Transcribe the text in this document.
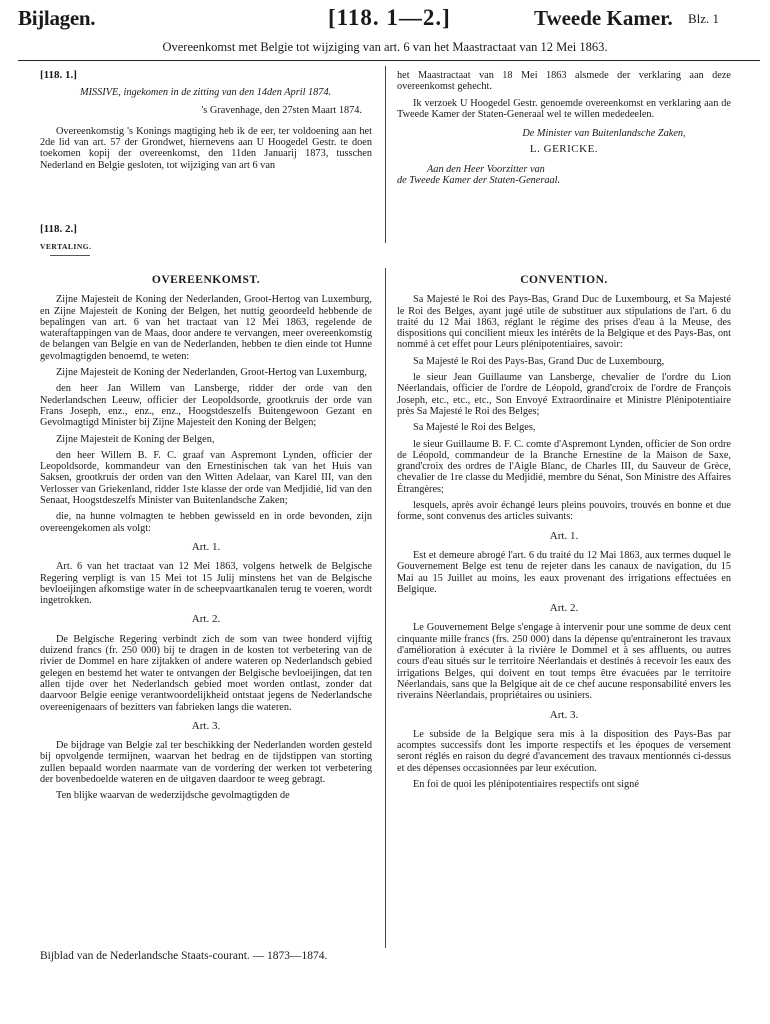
Bijlagen.	[118. 1—2.]	Tweede Kamer. Blz. 1
Overeenkomst met Belgie tot wijziging van art. 6 van het Maastractaat van 12 Mei 1863.
[118. 1.]

MISSIVE, ingekomen in de zitting van den 14den April 1874.

's Gravenhage, den 27sten Maart 1874.

Overeenkomstig 's Konings magtiging heb ik de eer, ter voldoening aan het 2de lid van art. 57 der Grondwet, hiernevens aan U Hoogedel Gestr. te doen toekomen kopij der overeenkomst, den 11den Januarij 1873, tusschen Nederland en Belgie gesloten, tot wijziging van art 6 van

[118. 2.]
VERTALING.

het Maastractaat van 18 Mei 1863 alsmede der verklaring aan deze overeenkomst gehecht.

Ik verzoek U Hoogedel Gestr. genoemde overeenkomst en verklaring aan de Tweede Kamer der Staten-Generaal wel te willen mededeelen.

De Minister van Buitenlandsche Zaken,

L. GERICKE.

Aan den Heer Voorzitter van

de Tweede Kamer der Staten-Generaal.

OVEREENKOMST.

Zijne Majesteit de Koning der Nederlanden, Groot-Hertog van Luxemburg, en Zijne Majesteit de Koning der Belgen, het nuttig geoordeeld hebbende de bepalingen van art. 6 van het tractaat van 12 Mei 1863, regelende de wateraftappingen van de Maas, door andere te vervangen, meer overeenkomstig de belangen van Belgie en van de Nederlanden, hebben te dien einde tot Hunne gevolmagtigden benoemd, te weten:

Zijne Majesteit de Koning der Nederlanden, Groot-Hertog van Luxemburg,

den heer Jan Willem van Lansberge, ridder der orde van den Nederlandschen Leeuw, officier der Leopoldsorde, grootkruis der orde van Frans Joseph, enz., enz., enz., Hoogstdeszelfs Buitengewoon Gezant en Gevolmagtigd Minister bij Zijne Majesteit den Koning der Belgen;

Zijne Majesteit de Koning der Belgen,

den heer Willem B. F. C. graaf van Aspremont Lynden, officier der Leopoldsorde, kommandeur van den Ernestinischen tak van het Huis van Saksen, grootkruis der orden van den Witten Adelaar, van Karel III, van den Verlosser van Griekenland, ridder 1ste klasse der orde van Medjidié, lid van den Senaat, Hoogstdeszelfs Minister van Buitenlandsche Zaken;

die, na hunne volmagten te hebben gewisseld en in orde bevonden, zijn overeengekomen als volgt:

Art. 1.

Art. 6 van het tractaat van 12 Mei 1863, volgens hetwelk de Belgische Regering verpligt is van 15 Mei tot 15 Julij minstens het van de Belgische bevloeijingen afkomstige water in de scheepvaartkanalen terug te voeren, wordt ingetrokken.

Art. 2.

De Belgische Regering verbindt zich de som van twee honderd vijftig duizend francs (fr. 250 000) bij te dragen in de kosten tot verbetering van de rivier de Dommel en hare zijtakken of andere wateren op Nederlandsch gebied gelegen en bestemd het water te ontvangen der Belgische bevloeijingen, dat ten allen tijde over het Nederlandsch gebied moet worden ontlast, zonder dat daarvoor Belgie eenige verantwoordelijkheid ontstaat jegens de Nederlandsche overeenigenaars of bezitters van fabrieken langs die wateren.

Art. 3.

De bijdrage van Belgie zal ter beschikking der Nederlanden worden gesteld bij opvolgende termijnen, waarvan het bedrag en de tijdstippen van storting zullen bepaald worden naarmate van de vordering der werken tot verbetering der bovenbedoelde wateren en de uitgaven daardoor te weeg gebragt.

Ten blijke waarvan de wederzijdsche gevolmagtigden de

CONVENTION.

Sa Majesté le Roi des Pays-Bas, Grand Duc de Luxembourg, et Sa Majesté le Roi des Belges, ayant jugé utile de substituer aux stipulations de l'art. 6 du traité du 12 Mai 1863, réglant le régime des prises d'eau à la Meuse, des dispositions qui concilient mieux les intérêts de la Belgique et des Pays-Bas, ont nommé à cet effet pour Leurs plénipotentiaires, savoir:

Sa Majesté le Roi des Pays-Bas, Grand Duc de Luxembourg,

le sieur Jean Guillaume van Lansberge, chevalier de l'ordre du Lion Néerlandais, officier de l'ordre de Léopold, grand'croix de l'ordre de François Joseph, etc., etc., etc., Son Envoyé Extraordinaire et Ministre Plénipotentiaire près Sa Majesté le Roi des Belges;

Sa Majesté le Roi des Belges,

le sieur Guillaume B. F. C. comte d'Aspremont Lynden, officier de Son ordre de Léopold, commandeur de la Branche Ernestine de la Maison de Saxe, grand'croix des ordres de l'Aigle Blanc, de Charles III, du Sauveur de Grèce, chevalier de 1re classe du Medjidié, membre du Sénat, Son Ministre des Affaires Étrangères;

lesquels, après avoir échangé leurs pleins pouvoirs, trouvés en bonne et due forme, sont convenus des articles suivants:

Art. 1.

Est et demeure abrogé l'art. 6 du traité du 12 Mai 1863, aux termes duquel le Gouvernement Belge est tenu de rejeter dans les canaux de navigation, du 15 Mai au 15 Juillet au moins, les eaux provenant des irrigations effectuées en Belgique.

Art. 2.

Le Gouvernement Belge s'engage à intervenir pour une somme de deux cent cinquante mille francs (frs. 250 000) dans la dépense qu'entraineront les travaux d'amélioration à exécuter à la rivière le Dommel et à ses affluents, ou autres cours d'eau situés sur le territoire Néerlandais et destinés à recevoir les eaux des irrigations Belges, qui doivent en tout temps être évacuées par le territoire Néerlandais, sans que la Belgique ait de ce chef aucune responsabilité envers les riverains Néerlandais, propriétaires ou usiniers.

Art. 3.

Le subside de la Belgique sera mis à la disposition des Pays-Bas par acomptes successifs dont les importe respectifs et les époques de versement seront réglés en raison du degré d'avancement des travaux mentionnés ci-dessus et des dépenses occasionnées par leur exécution.

En foi de quoi les plénipotentiaires respectifs ont signé

Bijblad van de Nederlandsche Staats-courant. — 1873—1874.
